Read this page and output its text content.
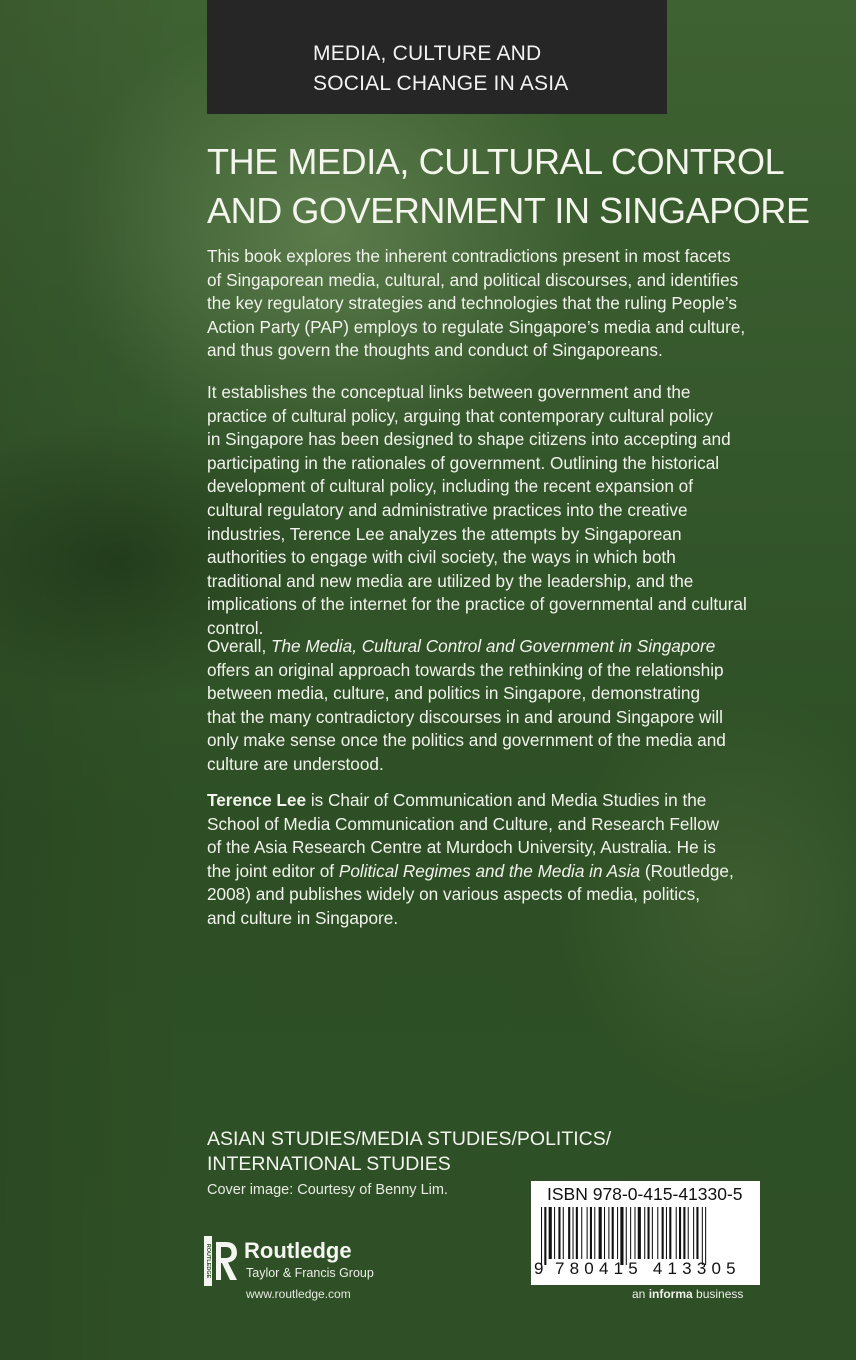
MEDIA, CULTURE AND
SOCIAL CHANGE IN ASIA
THE MEDIA, CULTURAL CONTROL
AND GOVERNMENT IN SINGAPORE

This book explores the inherent contradictions present in most facets
of Singaporean media, cultural, and political discourses, and identifies
the key regulatory strategies and technologies that the ruling People’s
Action Party (PAP) employs to regulate Singapore’s media and culture,
and thus govern the thoughts and conduct of Singaporeans.

It establishes the conceptual links between government and the
practice of cultural policy, arguing that contemporary cultural policy
in Singapore has been designed to shape citizens into accepting and
participating in the rationales of government. Outlining the historical
development of cultural policy, including the recent expansion of
cultural regulatory and administrative practices into the creative
industries, Terence Lee analyzes the attempts by Singaporean
authorities to engage with civil society, the ways in which both
traditional and new media are utilized by the leadership, and the
implications of the internet for the practice of governmental and cultural
control.

Overall, The Media, Cultural Control and Government in Singapore
offers an original approach towards the rethinking of the relationship
between media, culture, and politics in Singapore, demonstrating
that the many contradictory discourses in and around Singapore will
only make sense once the politics and government of the media and
culture are understood.

Terence Lee is Chair of Communication and Media Studies in the
School of Media Communication and Culture, and Research Fellow
of the Asia Research Centre at Murdoch University, Australia. He is
the joint editor of Political Regimes and the Media in Asia (Routledge,
2008) and publishes widely on various aspects of media, politics,
and culture in Singapore.

ASIAN STUDIES/MEDIA STUDIES/POLITICS/
INTERNATIONAL STUDIES
Cover image: Courtesy of Benny Lim.
ROUTLEDGE Routledge
Taylor & Francis Group
www.routledge.com
ISBN 978-0-415-41330-5
9 780415 413305
an informa business
